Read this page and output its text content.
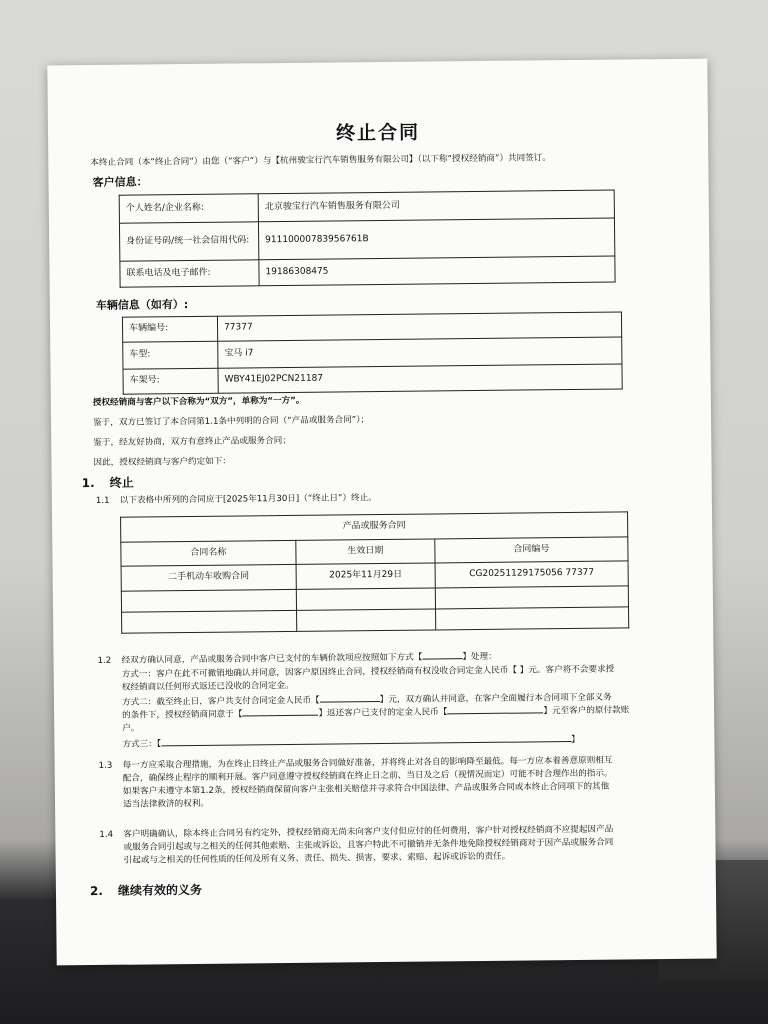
终止合同
本终止合同（本“终止合同”）由您（“客户”）与【杭州骏宝行汽车销售服务有限公司】（以下称“授权经销商”）共同签订。
客户信息：
个人姓名/企业名称:	北京骏宝行汽车销售服务有限公司
身份证号码/统一社会信用代码:	91110000783956761B
联系电话及电子邮件:	19186308475
车辆信息（如有）:
车辆编号:	77377
车型:	宝马 i7
车架号:	WBY41EJ02PCN21187
授权经销商与客户以下合称为“双方”，单称为“一方”。
鉴于，双方已签订了本合同第1.1条中列明的合同（“产品或服务合同”）；
鉴于，经友好协商，双方有意终止产品或服务合同；
因此，授权经销商与客户约定如下：
1. 终止
1.1 以下表格中所列的合同应于[2025年11月30日]（“终止日”）终止。
产品或服务合同		
合同名称	生效日期	合同编号
二手机动车收购合同	2025年11月29日	CG20251129175056 77377

1.2 经双方确认同意，产品或服务合同中客户已支付的车辆价款项应按照如下方式【	】处理：
方式一：客户在此不可撤销地确认并同意，因客户原因终止合同，授权经销商有权没收合同定金人民币【 】元。客户将不会要求授
权经销商以任何形式返还已没收的合同定金。
方式二：截至终止日，客户共支付合同定金人民币【	】元，双方确认并同意，在客户全面履行本合同项下全部义务
的条件下，授权经销商同意于【	】返还客户已支付的定金人民币【	】元至客户的原付款账
户。
方式三：【	】
1.3 每一方应采取合理措施，为在终止日终止产品或服务合同做好准备，并将终止对各自的影响降至最低。每一方应本着善意原则相互
配合，确保终止程序的顺利开展。客户同意遵守授权经销商在终止日之前、当日及之后（视情况而定）可能不时合理作出的指示。
如果客户未遵守本第1.2条，授权经销商保留向客户主张相关赔偿并寻求符合中国法律、产品或服务合同或本终止合同项下的其他
适当法律救济的权利。
1.4 客户明确确认，除本终止合同另有约定外，授权经销商无尚未向客户支付但应付的任何费用，客户针对授权经销商不应提起因产品
或服务合同引起或与之相关的任何其他索赔、主张或诉讼，且客户特此不可撤销并无条件地免除授权经销商对于因产品或服务合同
引起或与之相关的任何性质的任何及所有义务、责任、损失、损害、要求、索赔、起诉或诉讼的责任。
2. 继续有效的义务
